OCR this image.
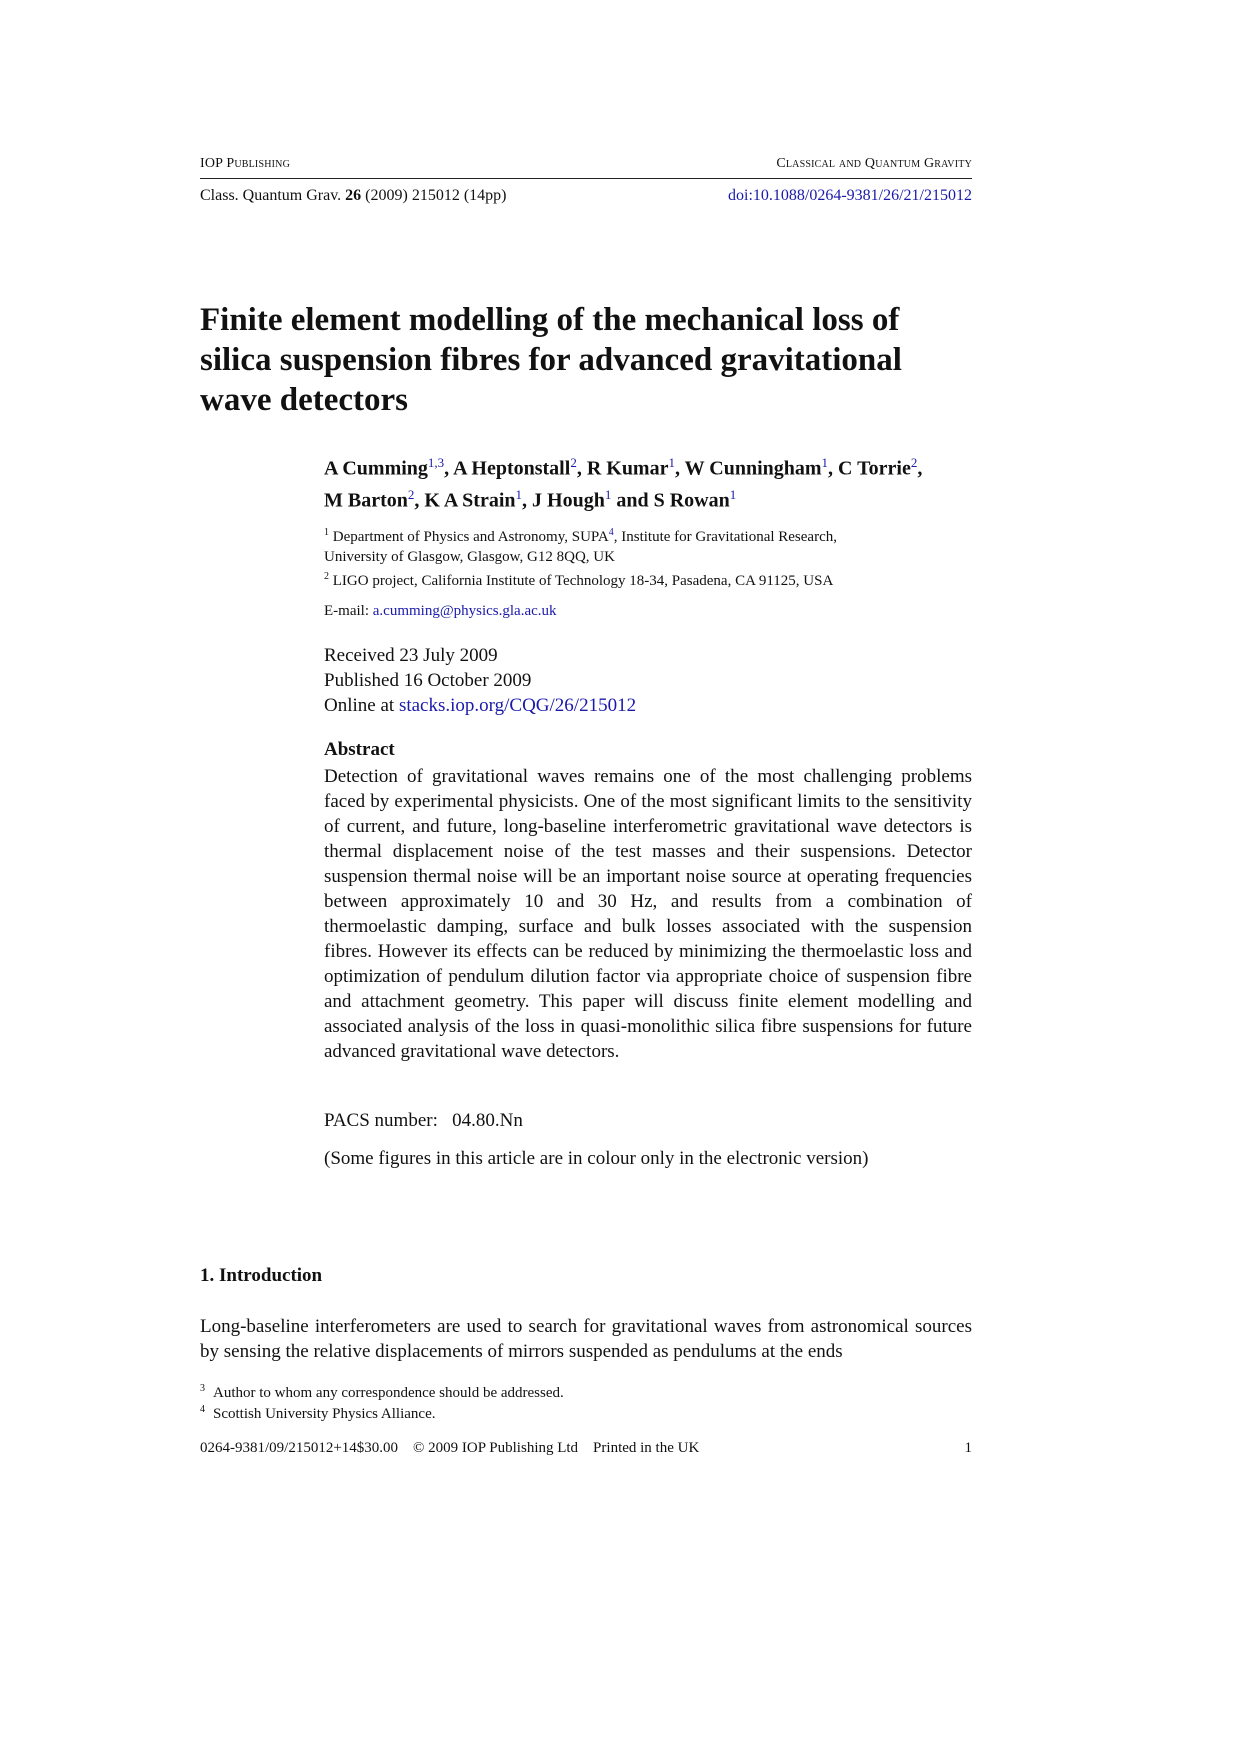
IOP Publishing	Classical and Quantum Gravity
Class. Quantum Grav. 26 (2009) 215012 (14pp)	doi:10.1088/0264-9381/26/21/215012
Finite element modelling of the mechanical loss of
silica suspension fibres for advanced gravitational
wave detectors
A Cumming$^{1,3}$, A Heptonstall$^2$, R Kumar$^1$, W Cunningham$^1$, C Torrie$^2$,
M Barton$^2$, K A Strain$^1$, J Hough$^1$ and S Rowan$^1$
$^1$ Department of Physics and Astronomy, SUPA$^4$, Institute for Gravitational Research,
University of Glasgow, Glasgow, G12 8QQ, UK
$^2$ LIGO project, California Institute of Technology 18-34, Pasadena, CA 91125, USA
E-mail: a.cumming@physics.gla.ac.uk
Received 23 July 2009
Published 16 October 2009
Online at stacks.iop.org/CQG/26/215012
Abstract
Detection of gravitational waves remains one of the most challenging problems faced by experimental physicists. One of the most significant limits to the sensitivity of current, and future, long-baseline interferometric gravitational wave detectors is thermal displacement noise of the test masses and their suspensions. Detector suspension thermal noise will be an important noise source at operating frequencies between approximately 10 and 30 Hz, and results from a combination of thermoelastic damping, surface and bulk losses associated with the suspension fibres. However its effects can be reduced by minimizing the thermoelastic loss and optimization of pendulum dilution factor via appropriate choice of suspension fibre and attachment geometry. This paper will discuss finite element modelling and associated analysis of the loss in quasi-monolithic silica fibre suspensions for future advanced gravitational wave detectors.
PACS number:   04.80.Nn
(Some figures in this article are in colour only in the electronic version)
1. Introduction
Long-baseline interferometers are used to search for gravitational waves from astronomical sources by sensing the relative displacements of mirrors suspended as pendulums at the ends
$^3$ Author to whom any correspondence should be addressed.
$^4$ Scottish University Physics Alliance.
0264-9381/09/215012+14$30.00    © 2009 IOP Publishing Ltd    Printed in the UK	1
